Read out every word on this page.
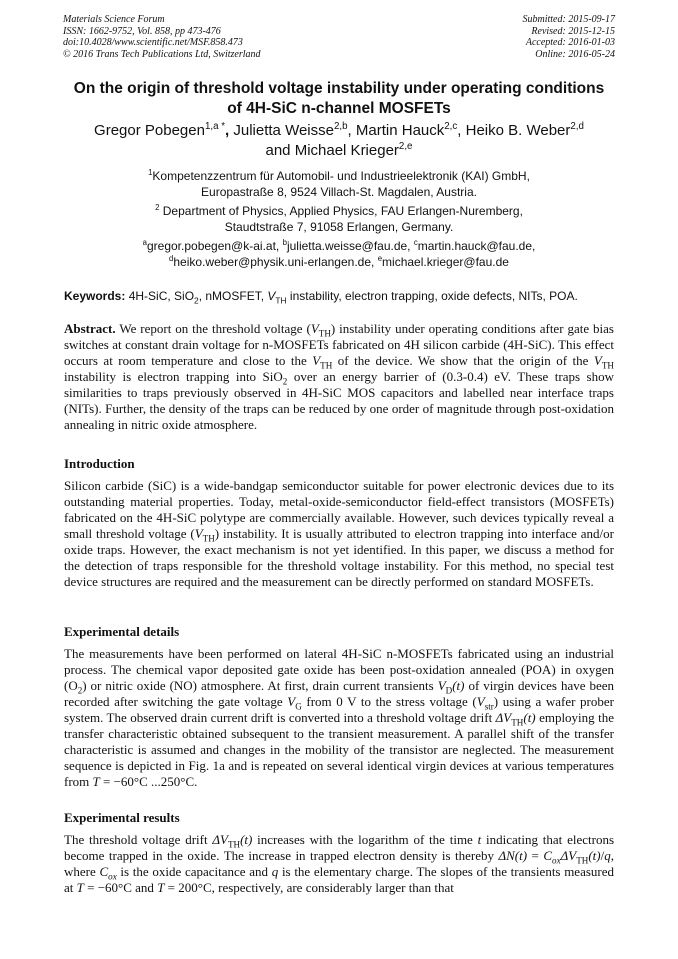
Materials Science Forum
ISSN: 1662-9752, Vol. 858, pp 473-476
doi:10.4028/www.scientific.net/MSF.858.473
© 2016 Trans Tech Publications Ltd, Switzerland
Submitted: 2015-09-17
Revised: 2015-12-15
Accepted: 2016-01-03
Online: 2016-05-24
On the origin of threshold voltage instability under operating conditions
of 4H-SiC n-channel MOSFETs
Gregor Pobegen$^{1,a *}$, Julietta Weisse$^{2,b}$, Martin Hauck$^{2,c}$, Heiko B. Weber$^{2,d}$
and Michael Krieger$^{2,e}$
$^1$Kompetenzzentrum für Automobil- und Industrieelektronik (KAI) GmbH,
Europastraße 8, 9524 Villach-St. Magdalen, Austria.
$^2$ Department of Physics, Applied Physics, FAU Erlangen-Nuremberg,
Staudtstraße 7, 91058 Erlangen, Germany.
$^a$gregor.pobegen@k-ai.at, $^b$julietta.weisse@fau.de, $^c$martin.hauck@fau.de,
$^d$heiko.weber@physik.uni-erlangen.de, $^e$michael.krieger@fau.de
Keywords: 4H-SiC, SiO$_2$, nMOSFET, $V_{TH}$ instability, electron trapping, oxide defects, NITs, POA.
Abstract. We report on the threshold voltage $(V_{TH})$ instability under operating conditions after gate bias switches at constant drain voltage for n-MOSFETs fabricated on 4H silicon carbide (4H-SiC). This effect occurs at room temperature and close to the $V_{TH}$ of the device. We show that the origin of the $V_{TH}$ instability is electron trapping into SiO$_2$ over an energy barrier of (0.3-0.4) eV. These traps show similarities to traps previously observed in 4H-SiC MOS capacitors and labelled near interface traps (NITs). Further, the density of the traps can be reduced by one order of magnitude through post-oxidation annealing in nitric oxide atmosphere.
Introduction
Silicon carbide (SiC) is a wide-bandgap semiconductor suitable for power electronic devices due to its outstanding material properties. Today, metal-oxide-semiconductor field-effect transistors (MOSFETs) fabricated on the 4H-SiC polytype are commercially available. However, such devices typically reveal a small threshold voltage $(V_{TH})$ instability. It is usually attributed to electron trapping into interface and/or oxide traps. However, the exact mechanism is not yet identified. In this paper, we discuss a method for the detection of traps responsible for the threshold voltage instability. For this method, no special test device structures are required and the measurement can be directly performed on standard MOSFETs.
Experimental details
The measurements have been performed on lateral 4H-SiC n-MOSFETs fabricated using an industrial process. The chemical vapor deposited gate oxide has been post-oxidation annealed (POA) in oxygen $(O_2)$ or nitric oxide (NO) atmosphere. At first, drain current transients $V_D(t)$ of virgin devices have been recorded after switching the gate voltage $V_G$ from 0 V to the stress voltage $(V_{str})$ using a wafer prober system. The observed drain current drift is converted into a threshold voltage drift $\Delta V_{TH}(t)$ employing the transfer characteristic obtained subsequent to the transient measurement. A parallel shift of the transfer characteristic is assumed and changes in the mobility of the transistor are neglected. The measurement sequence is depicted in Fig. 1a and is repeated on several identical virgin devices at various temperatures from T = −60°C ...250°C.
Experimental results
The threshold voltage drift $\Delta V_{TH}(t)$ increases with the logarithm of the time t indicating that electrons become trapped in the oxide. The increase in trapped electron density is thereby $\Delta N(t) = C_{ox}\Delta V_{TH}(t)/q$, where $C_{ox}$ is the oxide capacitance and q is the elementary charge. The slopes of the transients measured at T = −60°C and T = 200°C, respectively, are considerably larger than that
